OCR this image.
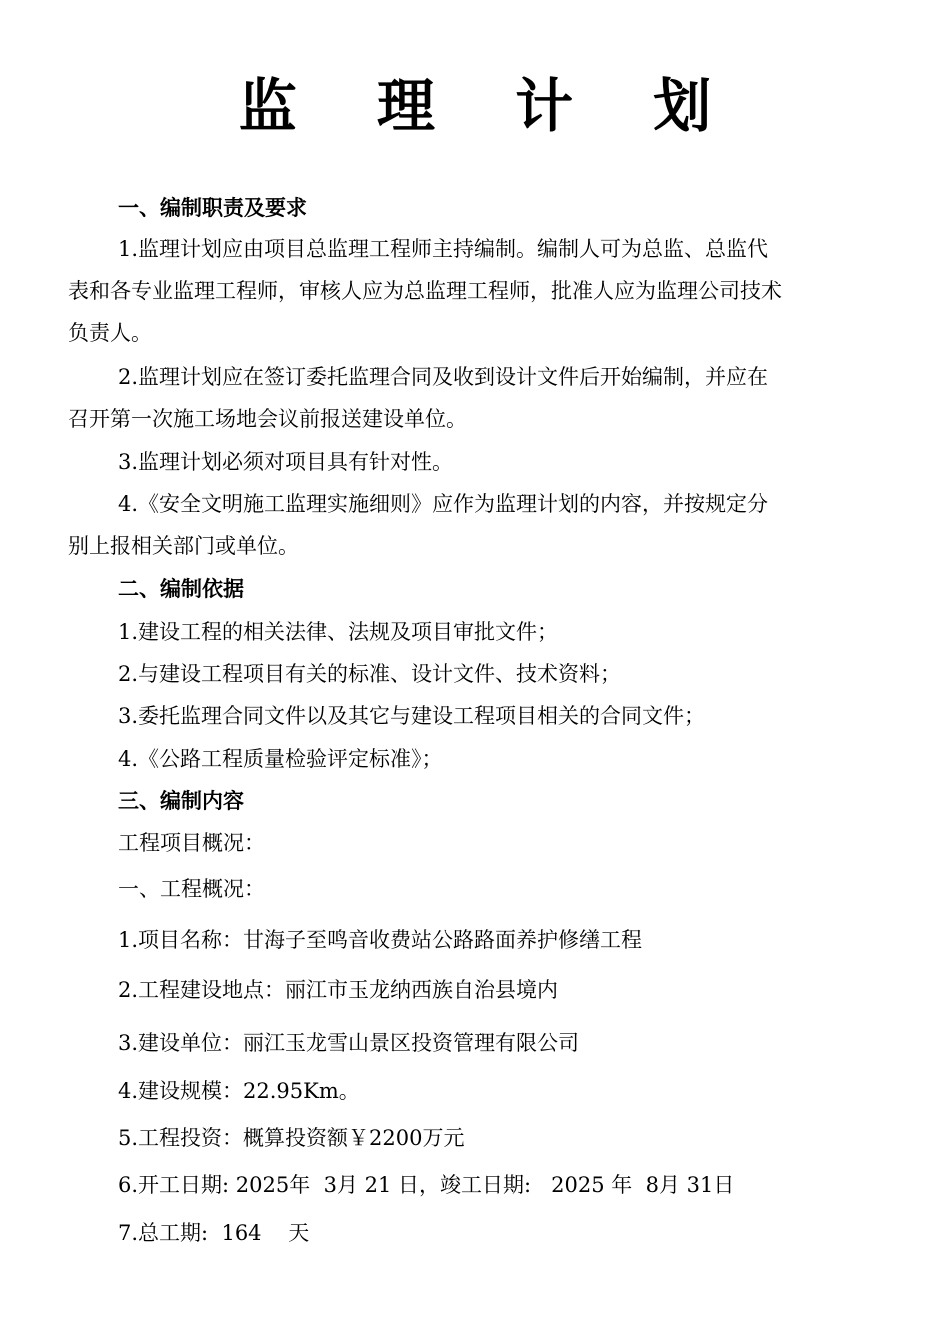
监 理 计 划
一、编制职责及要求
1.监理计划应由项目总监理工程师主持编制。编制人可为总监、总监代
表和各专业监理工程师，审核人应为总监理工程师，批准人应为监理公司技术
负责人。
2.监理计划应在签订委托监理合同及收到设计文件后开始编制，并应在
召开第一次施工场地会议前报送建设单位。
3.监理计划必须对项目具有针对性。
4.《安全文明施工监理实施细则》应作为监理计划的内容，并按规定分
别上报相关部门或单位。
二、编制依据
1.建设工程的相关法律、法规及项目审批文件；
2.与建设工程项目有关的标准、设计文件、技术资料；
3.委托监理合同文件以及其它与建设工程项目相关的合同文件；
4.《公路工程质量检验评定标准》；
三、编制内容
工程项目概况：
一、工程概况：
1.项目名称：甘海子至鸣音收费站公路路面养护修缮工程
2.工程建设地点：丽江市玉龙纳西族自治县境内
3.建设单位：丽江玉龙雪山景区投资管理有限公司
4.建设规模：22.95Km。
5.工程投资：概算投资额￥2200万元
6.开工日期: 2025年  3月 21 日，竣工日期:   2025 年  8月 31日
7.总工期:  164    天
